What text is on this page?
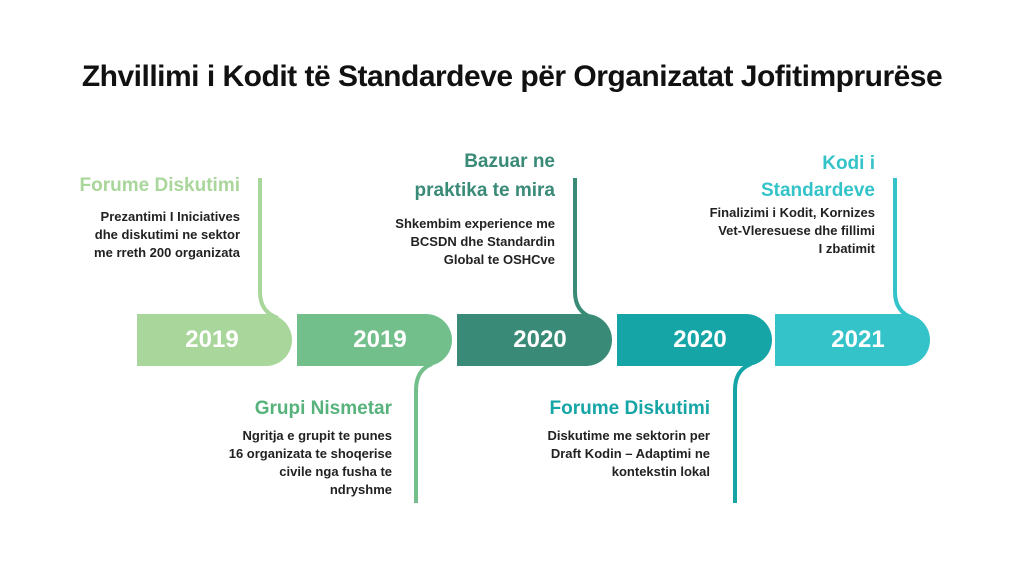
Zhvillimi i Kodit të Standardeve për Organizatat Jofitimprurëse
2019	2019	2020	2020	2021
Forume Diskutimi
Prezantimi I Iniciatives
dhe diskutimi ne sektor
me rreth 200 organizata
Grupi Nismetar
Ngritja e grupit te punes
16 organizata te shoqerise
civile nga fusha te
ndryshme
Bazuar ne
praktika te mira
Shkembim experience me
BCSDN dhe Standardin
Global te OSHCve
Forume Diskutimi
Diskutime me sektorin per
Draft Kodin – Adaptimi ne
kontekstin lokal
Kodi i
Standardeve
Finalizimi i Kodit, Kornizes
Vet-Vleresuese dhe fillimi
I zbatimit
